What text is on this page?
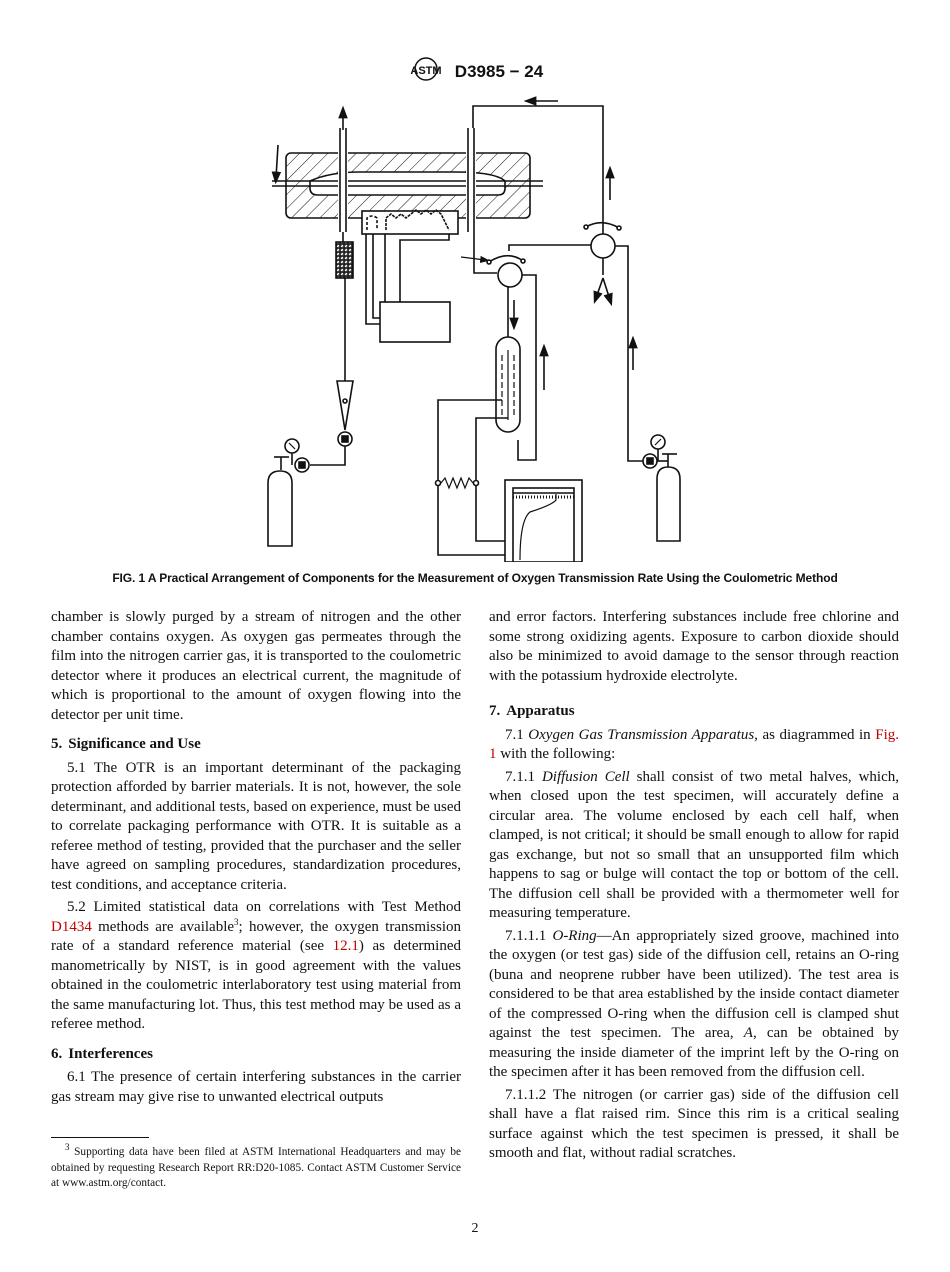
ASTM D3985 − 24
FIG. 1 A Practical Arrangement of Components for the Measurement of Oxygen Transmission Rate Using the Coulometric Method

chamber is slowly purged by a stream of nitrogen and the other chamber contains oxygen. As oxygen gas permeates through the film into the nitrogen carrier gas, it is transported to the coulometric detector where it produces an electrical current, the magnitude of which is proportional to the amount of oxygen flowing into the detector per unit time.

5. Significance and Use

5.1 The OTR is an important determinant of the packaging protection afforded by barrier materials. It is not, however, the sole determinant, and additional tests, based on experience, must be used to correlate packaging performance with OTR. It is suitable as a referee method of testing, provided that the purchaser and the seller have agreed on sampling procedures, standardization procedures, test conditions, and acceptance criteria.

5.2 Limited statistical data on correlations with Test Method D1434 methods are available$^3$; however, the oxygen transmission rate of a standard reference material (see 12.1) as determined manometrically by NIST, is in good agreement with the values obtained in the coulometric interlaboratory test using material from the same manufacturing lot. Thus, this test method may be used as a referee method.

6. Interferences

6.1 The presence of certain interfering substances in the carrier gas stream may give rise to unwanted electrical outputs

$^3$ Supporting data have been filed at ASTM International Headquarters and may be obtained by requesting Research Report RR:D20-1085. Contact ASTM Customer Service at www.astm.org/contact.

and error factors. Interfering substances include free chlorine and some strong oxidizing agents. Exposure to carbon dioxide should also be minimized to avoid damage to the sensor through reaction with the potassium hydroxide electrolyte.

7. Apparatus

7.1 Oxygen Gas Transmission Apparatus, as diagrammed in Fig. 1 with the following:

7.1.1 Diffusion Cell shall consist of two metal halves, which, when closed upon the test specimen, will accurately define a circular area. The volume enclosed by each cell half, when clamped, is not critical; it should be small enough to allow for rapid gas exchange, but not so small that an unsupported film which happens to sag or bulge will contact the top or bottom of the cell. The diffusion cell shall be provided with a thermometer well for measuring temperature.

7.1.1.1 O-Ring—An appropriately sized groove, machined into the oxygen (or test gas) side of the diffusion cell, retains an O-ring (buna and neoprene rubber have been utilized). The test area is considered to be that area established by the inside contact diameter of the compressed O-ring when the diffusion cell is clamped shut against the test specimen. The area, A, can be obtained by measuring the inside diameter of the imprint left by the O-ring on the specimen after it has been removed from the diffusion cell.

7.1.1.2 The nitrogen (or carrier gas) side of the diffusion cell shall have a flat raised rim. Since this rim is a critical sealing surface against which the test specimen is pressed, it shall be smooth and flat, without radial scratches.

2
